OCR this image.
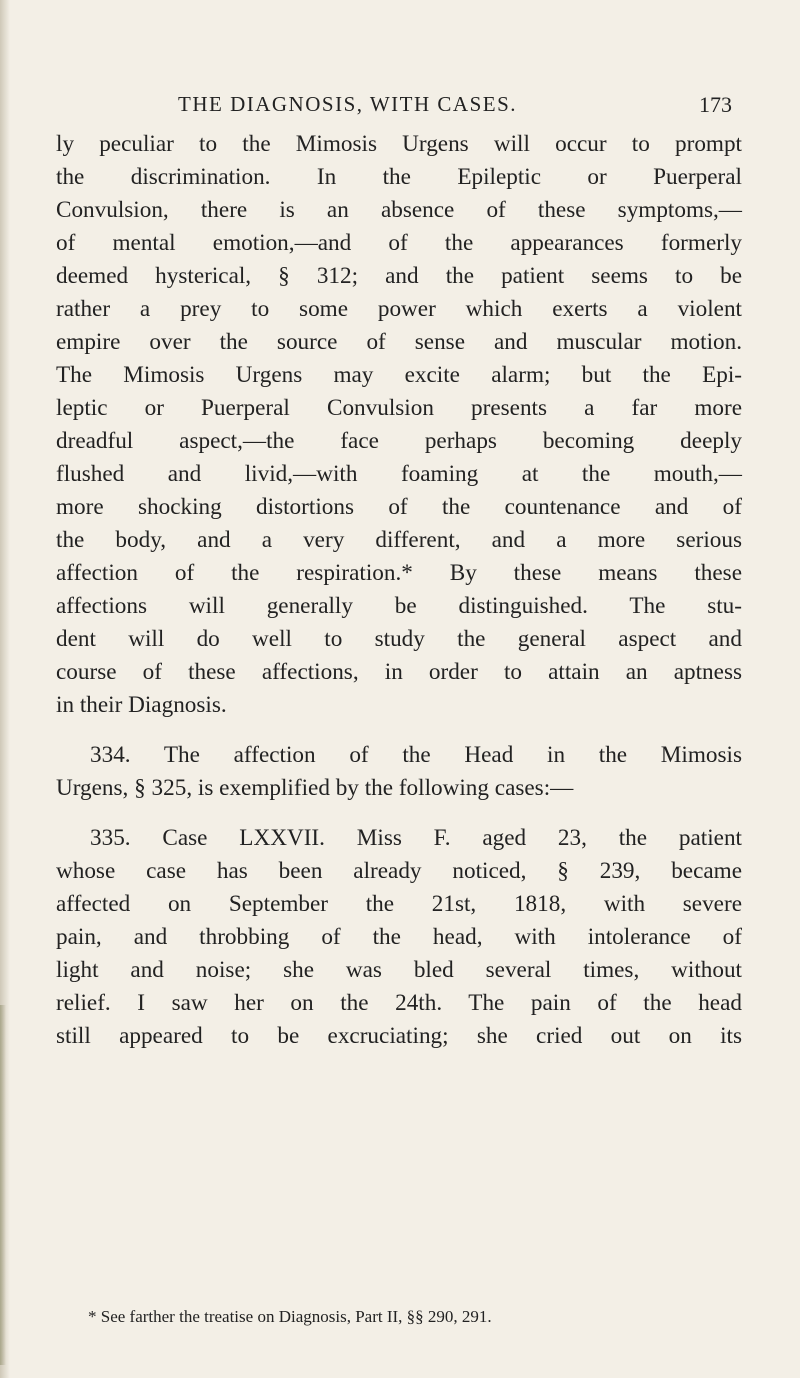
THE DIAGNOSIS, WITH CASES.	173
ly peculiar to the Mimosis Urgens will occur to prompt
the discrimination. In the Epileptic or Puerperal
Convulsion, there is an absence of these symptoms,—
of mental emotion,—and of the appearances formerly
deemed hysterical, § 312; and the patient seems to be
rather a prey to some power which exerts a violent
empire over the source of sense and muscular motion.
The Mimosis Urgens may excite alarm; but the Epi-
leptic or Puerperal Convulsion presents a far more
dreadful aspect,—the face perhaps becoming deeply
flushed and livid,—with foaming at the mouth,—
more shocking distortions of the countenance and of
the body, and a very different, and a more serious
affection of the respiration.* By these means these
affections will generally be distinguished. The stu-
dent will do well to study the general aspect and
course of these affections, in order to attain an aptness
in their Diagnosis.
334. The affection of the Head in the Mimosis
Urgens, § 325, is exemplified by the following cases:—
335. Case LXXVII. Miss F. aged 23, the patient
whose case has been already noticed, § 239, became
affected on September the 21st, 1818, with severe
pain, and throbbing of the head, with intolerance of
light and noise; she was bled several times, without
relief. I saw her on the 24th. The pain of the head
still appeared to be excruciating; she cried out on its
* See farther the treatise on Diagnosis, Part II, §§ 290, 291.
